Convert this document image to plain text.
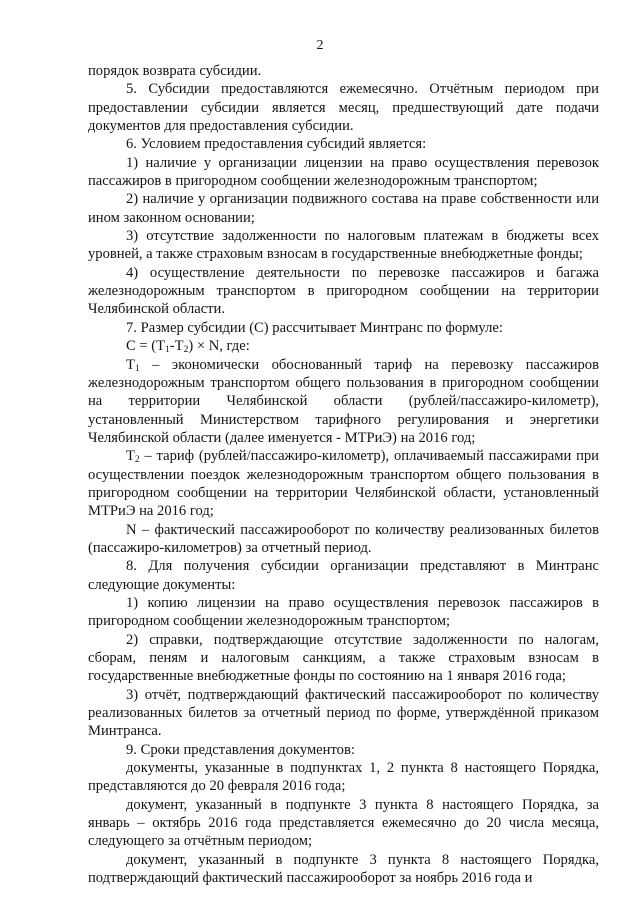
2

порядок возврата субсидии.

5. Субсидии предоставляются ежемесячно. Отчётным периодом при предоставлении субсидии является месяц, предшествующий дате подачи документов для предоставления субсидии.

6. Условием предоставления субсидий является:

1) наличие у организации лицензии на право осуществления перевозок пассажиров в пригородном сообщении железнодорожным транспортом;

2) наличие у организации подвижного состава на праве собственности или ином законном основании;

3) отсутствие задолженности по налоговым платежам в бюджеты всех уровней, а также страховым взносам в государственные внебюджетные фонды;

4) осуществление деятельности по перевозке пассажиров и багажа железнодорожным транспортом в пригородном сообщении на территории Челябинской области.

7. Размер субсидии (С) рассчитывает Минтранс по формуле:

$С = (Т_1-Т_2) \times N$, где:

$Т_1$ – экономически обоснованный тариф на перевозку пассажиров железнодорожным транспортом общего пользования в пригородном сообщении на территории Челябинской области (рублей/пассажиро-километр), установленный Министерством тарифного регулирования и энергетики Челябинской области (далее именуется - МТРиЭ) на 2016 год;

$Т_2$ – тариф (рублей/пассажиро-километр), оплачиваемый пассажирами при осуществлении поездок железнодорожным транспортом общего пользования в пригородном сообщении на территории Челябинской области, установленный МТРиЭ на 2016 год;

N – фактический пассажирооборот по количеству реализованных билетов (пассажиро-километров) за отчетный период.

8. Для получения субсидии организации представляют в Минтранс следующие документы:

1) копию лицензии на право осуществления перевозок пассажиров в пригородном сообщении железнодорожным транспортом;

2) справки, подтверждающие отсутствие задолженности по налогам, сборам, пеням и налоговым санкциям, а также страховым взносам в государственные внебюджетные фонды по состоянию на 1 января 2016 года;

3) отчёт, подтверждающий фактический пассажирооборот по количеству реализованных билетов за отчетный период по форме, утверждённой приказом Минтранса.

9. Сроки представления документов:

документы, указанные в подпунктах 1, 2 пункта 8 настоящего Порядка, представляются до 20 февраля 2016 года;

документ, указанный в подпункте 3 пункта 8 настоящего Порядка, за январь – октябрь 2016 года представляется ежемесячно до 20 числа месяца, следующего за отчётным периодом;

документ, указанный в подпункте 3 пункта 8 настоящего Порядка, подтверждающий фактический пассажирооборот за ноябрь 2016 года и
